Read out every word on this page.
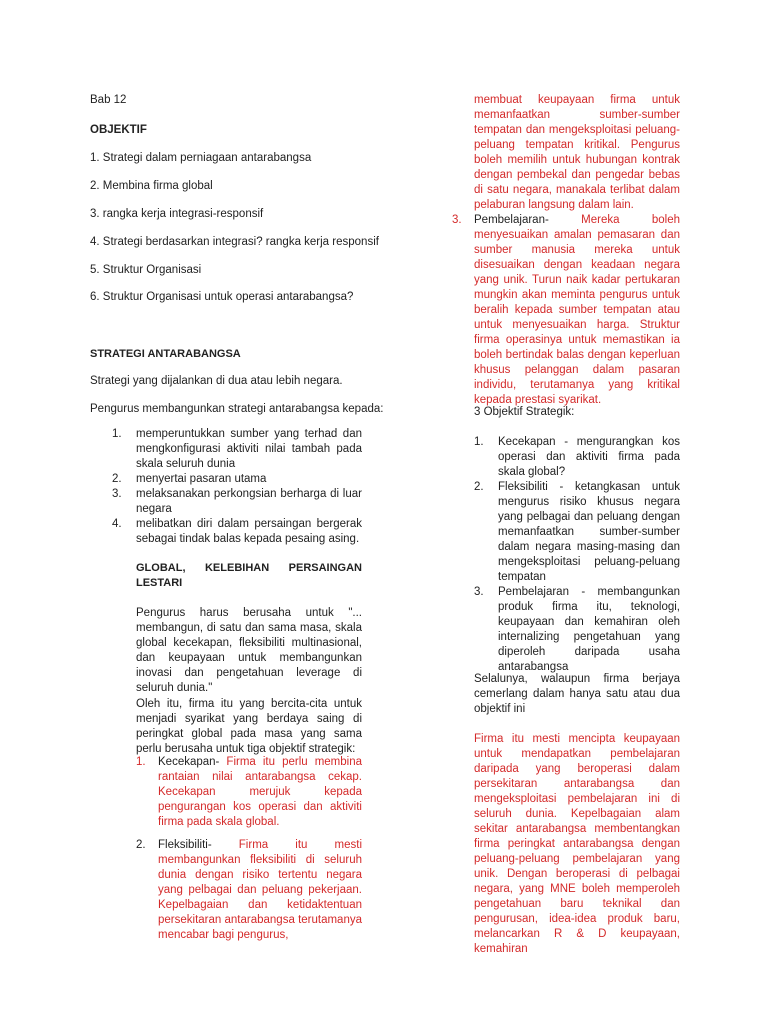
Bab 12

OBJEKTIF

1. Strategi dalam perniagaan antarabangsa

2. Membina firma global

3. rangka kerja integrasi-responsif

4. Strategi berdasarkan integrasi? rangka kerja responsif

5. Struktur Organisasi

6. Struktur Organisasi untuk operasi antarabangsa?

STRATEGI ANTARABANGSA

Strategi yang dijalankan di dua atau lebih negara.

Pengurus membangunkan strategi antarabangsa kepada:

1.	memperuntukkan sumber yang terhad dan mengkonfigurasi aktiviti nilai tambah pada skala seluruh dunia
2.	menyertai pasaran utama
3.	melaksanakan perkongsian berharga di luar negara
4.	melibatkan diri dalam persaingan bergerak sebagai tindak balas kepada pesaing asing.

GLOBAL, KELEBIHAN PERSAINGAN LESTARI

Pengurus harus berusaha untuk "... membangun, di satu dan sama masa, skala global kecekapan, fleksibiliti multinasional, dan keupayaan untuk membangunkan inovasi dan pengetahuan leverage di seluruh dunia."

Oleh itu, firma itu yang bercita-cita untuk menjadi syarikat yang berdaya saing di peringkat global pada masa yang sama perlu berusaha untuk tiga objektif strategik:

1.	Kecekapan- Firma itu perlu membina rantaian nilai antarabangsa cekap. Kecekapan merujuk kepada pengurangan kos operasi dan aktiviti firma pada skala global.
2.	Fleksibiliti- Firma itu mesti membangunkan fleksibiliti di seluruh dunia dengan risiko tertentu negara yang pelbagai dan peluang pekerjaan. Kepelbagaian dan ketidaktentuan persekitaran antarabangsa terutamanya mencabar bagi pengurus,

membuat keupayaan firma untuk memanfaatkan sumber-sumber tempatan dan mengeksploitasi peluang-peluang tempatan kritikal. Pengurus boleh memilih untuk hubungan kontrak dengan pembekal dan pengedar bebas di satu negara, manakala terlibat dalam pelaburan langsung dalam lain.

3.	Pembelajaran- Mereka boleh menyesuaikan amalan pemasaran dan sumber manusia mereka untuk disesuaikan dengan keadaan negara yang unik. Turun naik kadar pertukaran mungkin akan meminta pengurus untuk beralih kepada sumber tempatan atau untuk menyesuaikan harga. Struktur firma operasinya untuk memastikan ia boleh bertindak balas dengan keperluan khusus pelanggan dalam pasaran individu, terutamanya yang kritikal kepada prestasi syarikat.

3 Objektif Strategik:

1.	Kecekapan - mengurangkan kos operasi dan aktiviti firma pada skala global?
2.	Fleksibiliti - ketangkasan untuk mengurus risiko khusus negara yang pelbagai dan peluang dengan memanfaatkan sumber-sumber dalam negara masing-masing dan mengeksploitasi peluang-peluang tempatan
3.	Pembelajaran - membangunkan produk firma itu, teknologi, keupayaan dan kemahiran oleh internalizing pengetahuan yang diperoleh daripada usaha antarabangsa

Selalunya, walaupun firma berjaya cemerlang dalam hanya satu atau dua objektif ini

Firma itu mesti mencipta keupayaan untuk mendapatkan pembelajaran daripada yang beroperasi dalam persekitaran antarabangsa dan mengeksploitasi pembelajaran ini di seluruh dunia. Kepelbagaian alam sekitar antarabangsa membentangkan firma peringkat antarabangsa dengan peluang-peluang pembelajaran yang unik. Dengan beroperasi di pelbagai negara, yang MNE boleh memperoleh pengetahuan baru teknikal dan pengurusan, idea-idea produk baru, melancarkan R & D keupayaan, kemahiran
